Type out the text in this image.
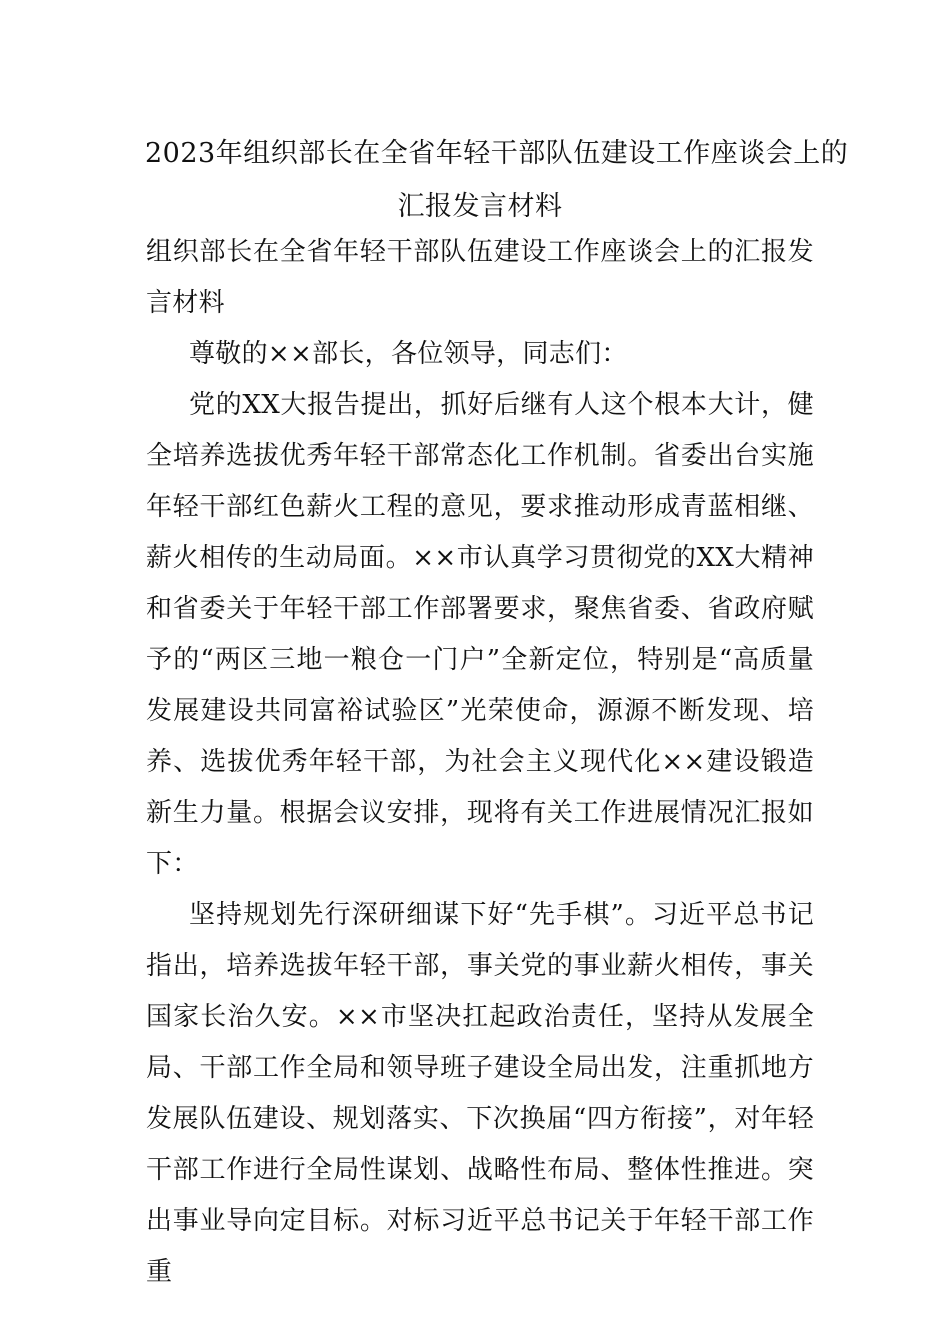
2023年组织部长在全省年轻干部队伍建设工作座谈会上的
汇报发言材料

组织部长在全省年轻干部队伍建设工作座谈会上的汇报发言材料

尊敬的××部长，各位领导，同志们：

党的XX大报告提出，抓好后继有人这个根本大计，健全培养选拔优秀年轻干部常态化工作机制。省委出台实施年轻干部红色薪火工程的意见，要求推动形成青蓝相继、薪火相传的生动局面。××市认真学习贯彻党的XX大精神和省委关于年轻干部工作部署要求，聚焦省委、省政府赋予的“两区三地一粮仓一门户”全新定位，特别是“高质量发展建设共同富裕试验区”光荣使命，源源不断发现、培养、选拔优秀年轻干部，为社会主义现代化××建设锻造新生力量。根据会议安排，现将有关工作进展情况汇报如下：

坚持规划先行深研细谋下好“先手棋”。习近平总书记指出，培养选拔年轻干部，事关党的事业薪火相传，事关国家长治久安。××市坚决扛起政治责任，坚持从发展全局、干部工作全局和领导班子建设全局出发，注重抓地方发展队伍建设、规划落实、下次换届“四方衔接”，对年轻干部工作进行全局性谋划、战略性布局、整体性推进。突出事业导向定目标。对标习近平总书记关于年轻干部工作重
